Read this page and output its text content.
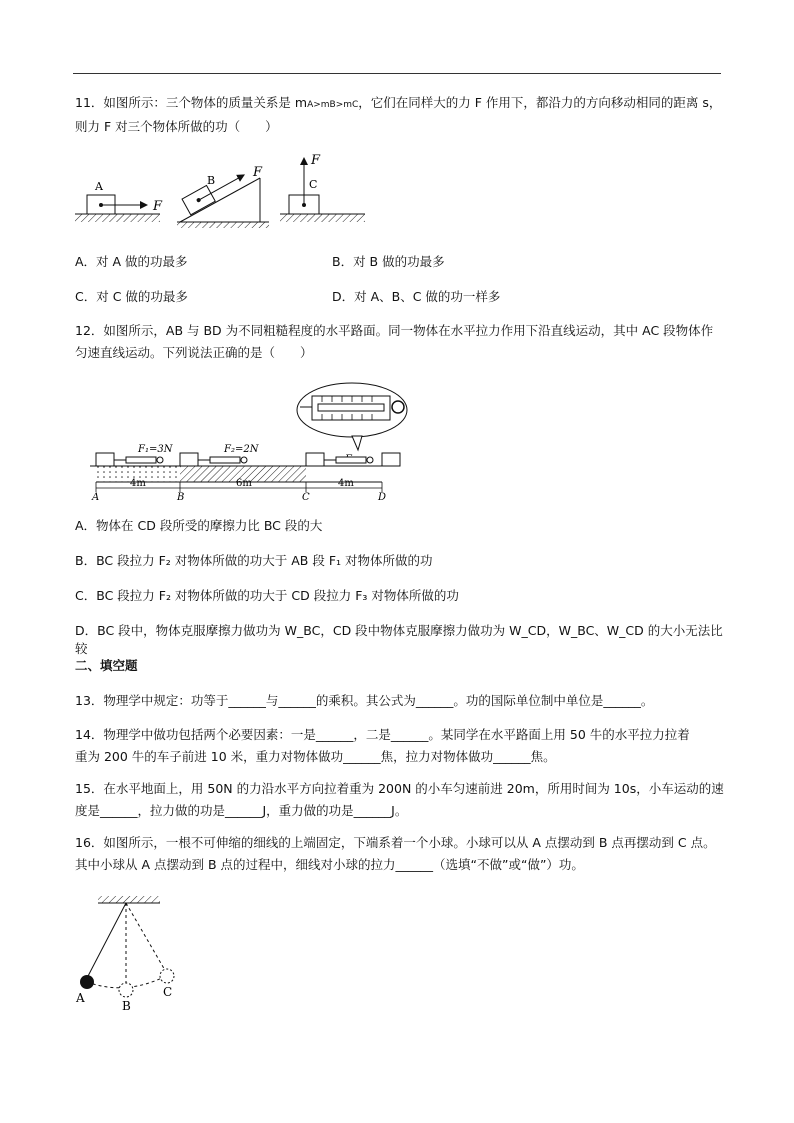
11．如图所示：三个物体的质量关系是 mA>mB>mC，它们在同样大的力 F 作用下，都沿力的方向移动相同的距离 s，

则力 F 对三个物体所做的功（　　）

A
F
B
F
C
F
A．对 A 做的功最多	B．对 B 做的功最多
C．对 C 做的功最多	D．对 A、B、C 做的功一样多

12．如图所示，AB 与 BD 为不同粗糙程度的水平路面。同一物体在水平拉力作用下沿直线运动，其中 AC 段物体作

匀速直线运动。下列说法正确的是（　　）

F₁=3N	F₂=2N
4m	6m	4m
A	B	C	D
A．物体在 CD 段所受的摩擦力比 BC 段的大
B．BC 段拉力 F₂ 对物体所做的功大于 AB 段 F₁ 对物体所做的功
C．BC 段拉力 F₂ 对物体所做的功大于 CD 段拉力 F₃ 对物体所做的功
D．BC 段中，物体克服摩擦力做功为 W_BC，CD 段中物体克服摩擦力做功为 W_CD，W_BC、W_CD 的大小无法比较
二、填空题

13．物理学中规定：功等于______与______的乘积。其公式为______。功的国际单位制中单位是______。

14．物理学中做功包括两个必要因素：一是______，二是______。某同学在水平路面上用 50 牛的水平拉力拉着

重为 200 牛的车子前进 10 米，重力对物体做功______焦，拉力对物体做功______焦。

15．在水平地面上，用 50N 的力沿水平方向拉着重为 200N 的小车匀速前进 20m，所用时间为 10s，小车运动的速

度是______，拉力做的功是______J，重力做的功是______J。

16．如图所示，一根不可伸缩的细线的上端固定，下端系着一个小球。小球可以从 A 点摆动到 B 点再摆动到 C 点。

其中小球从 A 点摆动到 B 点的过程中，细线对小球的拉力______（选填“不做”或“做”）功。

A
B
C
